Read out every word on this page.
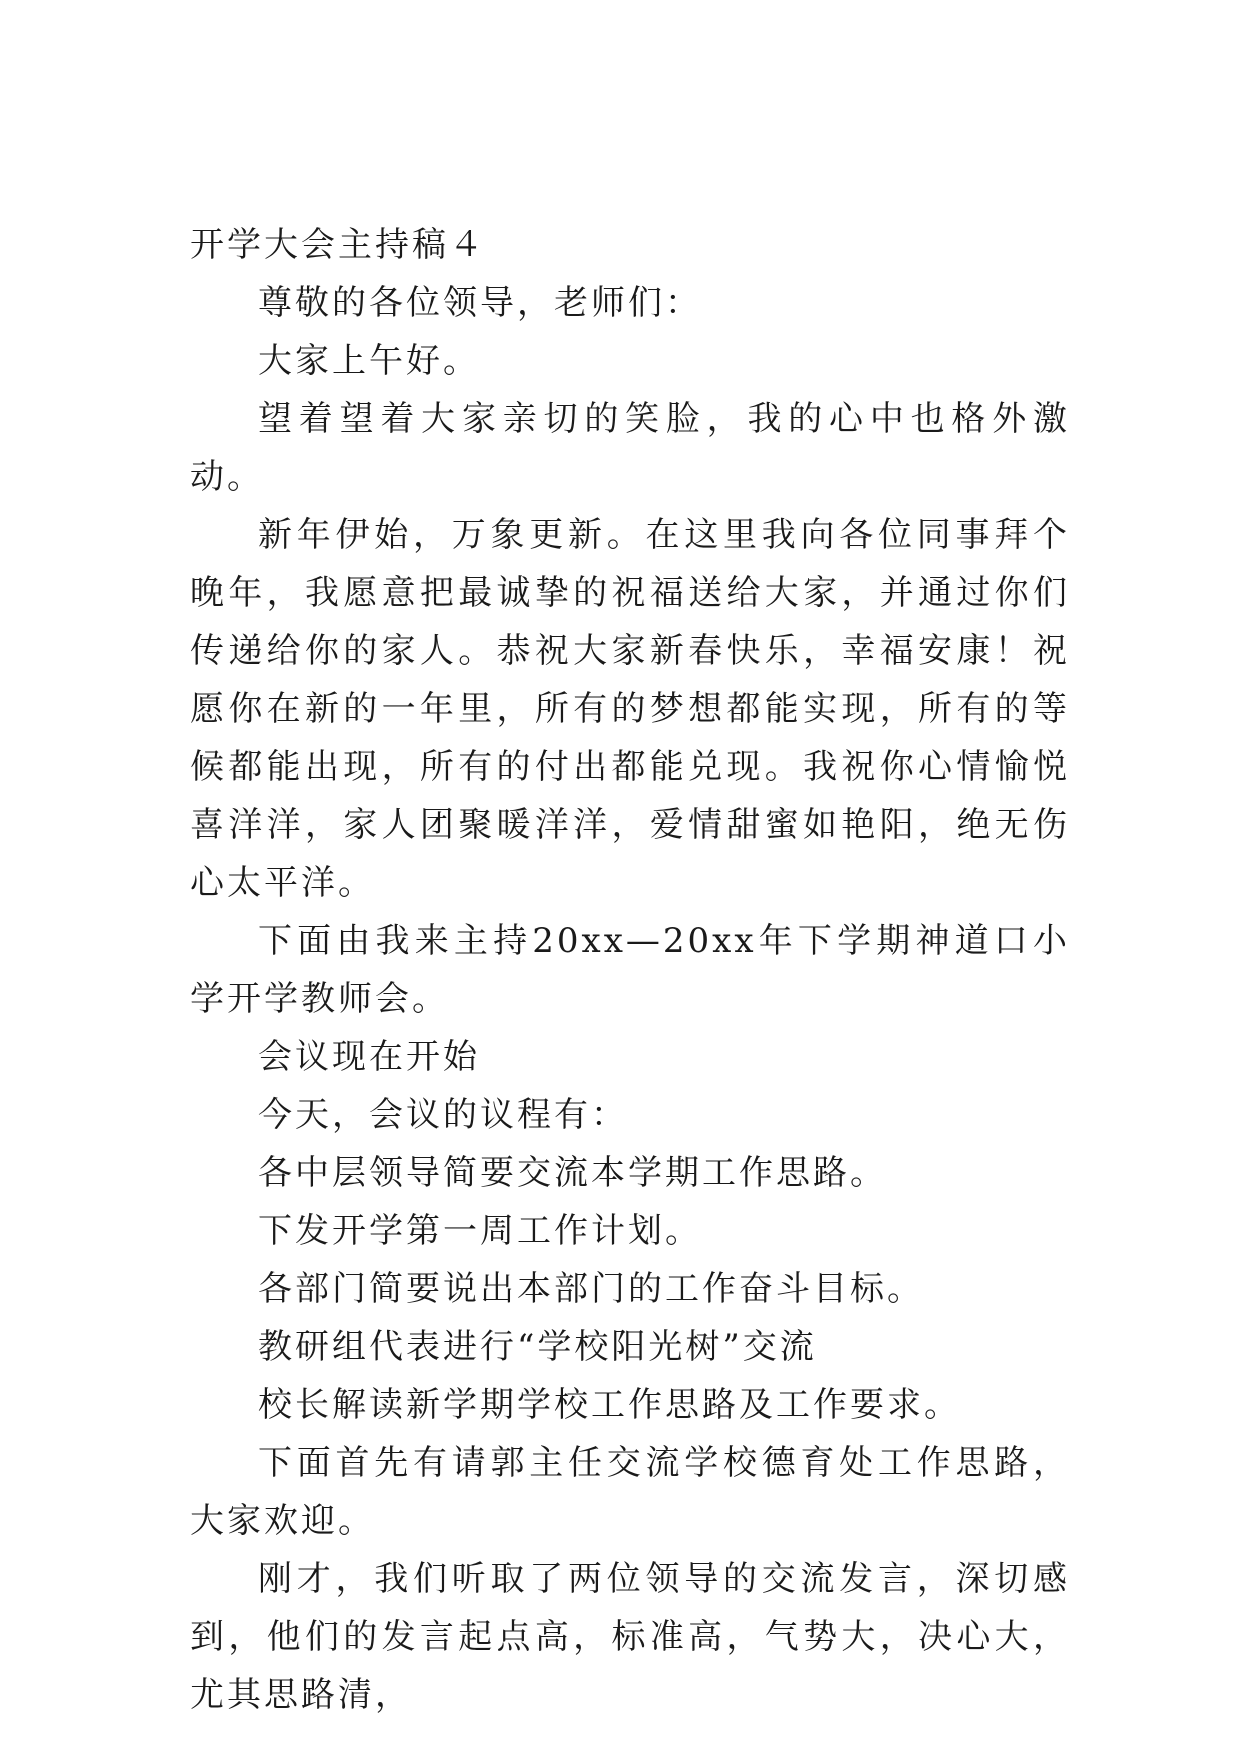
开学大会主持稿４

尊敬的各位领导，老师们：

大家上午好。

望着望着大家亲切的笑脸，我的心中也格外激动。

新年伊始，万象更新。在这里我向各位同事拜个晚年，我愿意把最诚挚的祝福送给大家，并通过你们传递给你的家人。恭祝大家新春快乐，幸福安康！祝愿你在新的一年里，所有的梦想都能实现，所有的等候都能出现，所有的付出都能兑现。我祝你心情愉悦喜洋洋，家人团聚暖洋洋，爱情甜蜜如艳阳，绝无伤心太平洋。

下面由我来主持20xx—20xx年下学期神道口小学开学教师会。

会议现在开始

今天，会议的议程有：

各中层领导简要交流本学期工作思路。

下发开学第一周工作计划。

各部门简要说出本部门的工作奋斗目标。

教研组代表进行“学校阳光树”交流

校长解读新学期学校工作思路及工作要求。

下面首先有请郭主任交流学校德育处工作思路，大家欢迎。

刚才，我们听取了两位领导的交流发言，深切感到，他们的发言起点高，标准高，气势大，决心大，尤其思路清，
